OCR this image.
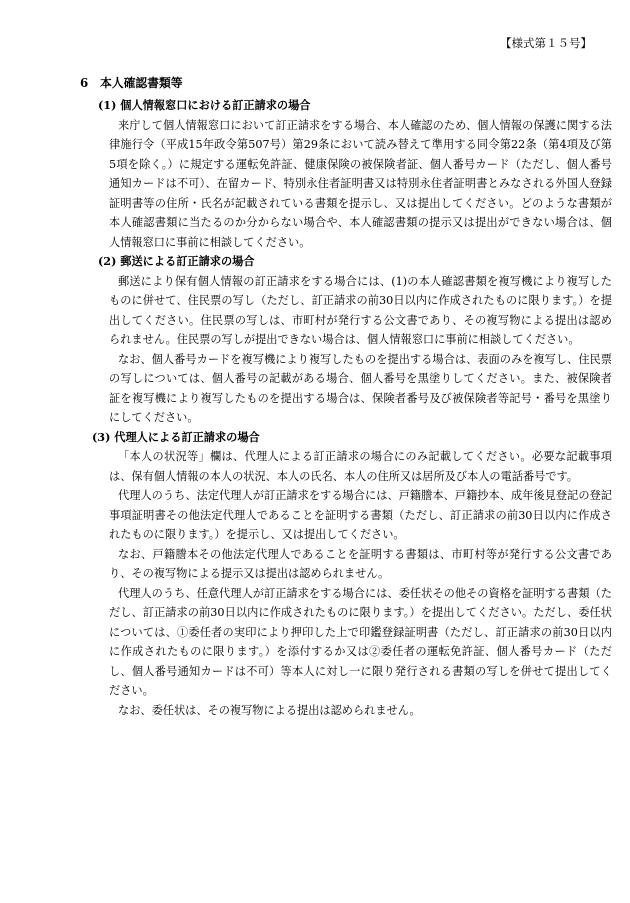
【様式第１５号】
6　本人確認書類等
(1) 個人情報窓口における訂正請求の場合

来庁して個人情報窓口において訂正請求をする場合、本人確認のため、個人情報の保護に関する法律施行令（平成15年政令第507号）第29条において読み替えて準用する同令第22条（第4項及び第5項を除く。）に規定する運転免許証、健康保険の被保険者証、個人番号カード（ただし、個人番号通知カードは不可）、在留カード、特別永住者証明書又は特別永住者証明書とみなされる外国人登録証明書等の住所・氏名が記載されている書類を提示し、又は提出してください。どのような書類が本人確認書類に当たるのか分からない場合や、本人確認書類の提示又は提出ができない場合は、個人情報窓口に事前に相談してください。

(2) 郵送による訂正請求の場合

郵送により保有個人情報の訂正請求をする場合には、(1)の本人確認書類を複写機により複写したものに併せて、住民票の写し（ただし、訂正請求の前30日以内に作成されたものに限ります。）を提出してください。住民票の写しは、市町村が発行する公文書であり、その複写物による提出は認められません。住民票の写しが提出できない場合は、個人情報窓口に事前に相談してください。

なお、個人番号カードを複写機により複写したものを提出する場合は、表面のみを複写し、住民票の写しについては、個人番号の記載がある場合、個人番号を黒塗りしてください。また、被保険者証を複写機により複写したものを提出する場合は、保険者番号及び被保険者等記号・番号を黒塗りにしてください。

(3) 代理人による訂正請求の場合

「本人の状況等」欄は、代理人による訂正請求の場合にのみ記載してください。必要な記載事項は、保有個人情報の本人の状況、本人の氏名、本人の住所又は居所及び本人の電話番号です。

代理人のうち、法定代理人が訂正請求をする場合には、戸籍謄本、戸籍抄本、成年後見登記の登記事項証明書その他法定代理人であることを証明する書類（ただし、訂正請求の前30日以内に作成されたものに限ります。）を提示し、又は提出してください。

なお、戸籍謄本その他法定代理人であることを証明する書類は、市町村等が発行する公文書であり、その複写物による提示又は提出は認められません。

代理人のうち、任意代理人が訂正請求をする場合には、委任状その他その資格を証明する書類（ただし、訂正請求の前30日以内に作成されたものに限ります。）を提出してください。ただし、委任状については、①委任者の実印により押印した上で印鑑登録証明書（ただし、訂正請求の前30日以内に作成されたものに限ります。）を添付するか又は②委任者の運転免許証、個人番号カード（ただし、個人番号通知カードは不可）等本人に対し一に限り発行される書類の写しを併せて提出してください。

なお、委任状は、その複写物による提出は認められません。
